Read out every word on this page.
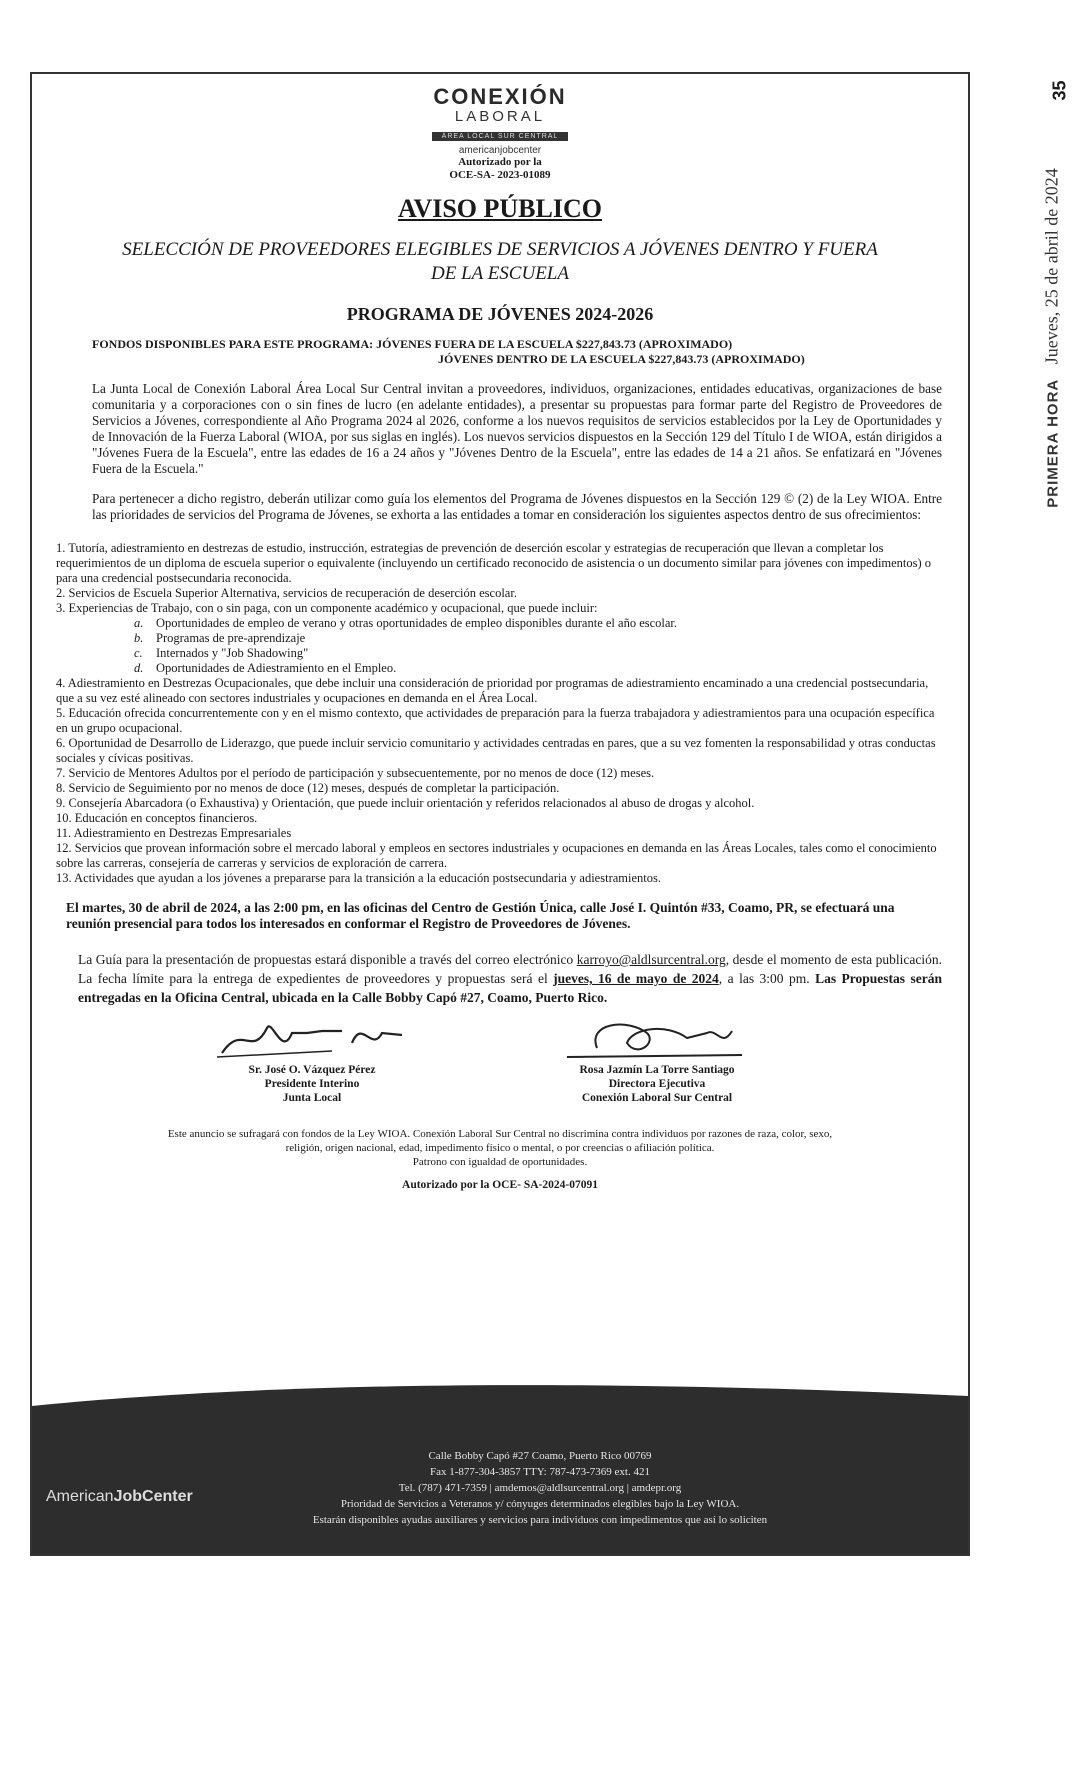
35
PRIMERA HORA Jueves, 25 de abril de 2024
CONEXIÓN
LABORAL
ÁREA LOCAL SUR CENTRAL
americanjobcenter
Autorizado por la
OCE-SA- 2023-01089
AVISO PÚBLICO
SELECCIÓN DE PROVEEDORES ELEGIBLES DE SERVICIOS A JÓVENES DENTRO Y FUERA DE LA ESCUELA
PROGRAMA DE JÓVENES 2024-2026
FONDOS DISPONIBLES PARA ESTE PROGRAMA: JÓVENES FUERA DE LA ESCUELA $227,843.73 (APROXIMADO)
JÓVENES DENTRO DE LA ESCUELA $227,843.73 (APROXIMADO)
La Junta Local de Conexión Laboral Área Local Sur Central invitan a proveedores, individuos, organizaciones, entidades educativas, organizaciones de base comunitaria y a corporaciones con o sin fines de lucro (en adelante entidades), a presentar su propuestas para formar parte del Registro de Proveedores de Servicios a Jóvenes, correspondiente al Año Programa 2024 al 2026, conforme a los nuevos requisitos de servicios establecidos por la Ley de Oportunidades y de Innovación de la Fuerza Laboral (WIOA, por sus siglas en inglés). Los nuevos servicios dispuestos en la Sección 129 del Título I de WIOA, están dirigidos a "Jóvenes Fuera de la Escuela", entre las edades de 16 a 24 años y "Jóvenes Dentro de la Escuela", entre las edades de 14 a 21 años. Se enfatizará en "Jóvenes Fuera de la Escuela."
Para pertenecer a dicho registro, deberán utilizar como guía los elementos del Programa de Jóvenes dispuestos en la Sección 129 © (2) de la Ley WIOA. Entre las prioridades de servicios del Programa de Jóvenes, se exhorta a las entidades a tomar en consideración los siguientes aspectos dentro de sus ofrecimientos:

1. Tutoría, adiestramiento en destrezas de estudio, instrucción, estrategias de prevención de deserción escolar y estrategias de recuperación que llevan a completar los requerimientos de un diploma de escuela superior o equivalente (incluyendo un certificado reconocido de asistencia o un documento similar para jóvenes con impedimentos) o para una credencial postsecundaria reconocida.

2. Servicios de Escuela Superior Alternativa, servicios de recuperación de deserción escolar.

3. Experiencias de Trabajo, con o sin paga, con un componente académico y ocupacional, que puede incluir:

a. Oportunidades de empleo de verano y otras oportunidades de empleo disponibles durante el año escolar.

b. Programas de pre-aprendizaje

c. Internados y "Job Shadowing"

d. Oportunidades de Adiestramiento en el Empleo.

4. Adiestramiento en Destrezas Ocupacionales, que debe incluir una consideración de prioridad por programas de adiestramiento encaminado a una credencial postsecundaria, que a su vez esté alineado con sectores industriales y ocupaciones en demanda en el Área Local.

5. Educación ofrecida concurrentemente con y en el mismo contexto, que actividades de preparación para la fuerza trabajadora y adiestramientos para una ocupación específica en un grupo ocupacional.

6. Oportunidad de Desarrollo de Liderazgo, que puede incluir servicio comunitario y actividades centradas en pares, que a su vez fomenten la responsabilidad y otras conductas sociales y cívicas positivas.

7. Servicio de Mentores Adultos por el período de participación y subsecuentemente, por no menos de doce (12) meses.

8. Servicio de Seguimiento por no menos de doce (12) meses, después de completar la participación.

9. Consejería Abarcadora (o Exhaustiva) y Orientación, que puede incluir orientación y referidos relacionados al abuso de drogas y alcohol.

10. Educación en conceptos financieros.

11. Adiestramiento en Destrezas Empresariales

12. Servicios que provean información sobre el mercado laboral y empleos en sectores industriales y ocupaciones en demanda en las Áreas Locales, tales como el conocimiento sobre las carreras, consejería de carreras y servicios de exploración de carrera.

13. Actividades que ayudan a los jóvenes a prepararse para la transición a la educación postsecundaria y adiestramientos.

El martes, 30 de abril de 2024, a las 2:00 pm, en las oficinas del Centro de Gestión Única, calle José I. Quintón #33, Coamo, PR, se efectuará una reunión presencial para todos los interesados en conformar el Registro de Proveedores de Jóvenes.
La Guía para la presentación de propuestas estará disponible a través del correo electrónico karroyo@aldlsurcentral.org, desde el momento de esta publicación. La fecha límite para la entrega de expedientes de proveedores y propuestas será el jueves, 16 de mayo de 2024, a las 3:00 pm. Las Propuestas serán entregadas en la Oficina Central, ubicada en la Calle Bobby Capó #27, Coamo, Puerto Rico.
Sr. José O. Vázquez Pérez
Presidente Interino
Junta Local
Rosa Jazmín La Torre Santiago
Directora Ejecutiva
Conexión Laboral Sur Central
Este anuncio se sufragará con fondos de la Ley WIOA. Conexión Laboral Sur Central no discrimina contra individuos por razones de raza, color, sexo,
religión, origen nacional, edad, impedimento físico o mental, o por creencias o afiliación política.
Patrono con igualdad de oportunidades.
Autorizado por la OCE- SA-2024-07091
AmericanJobCenter
Calle Bobby Capó #27 Coamo, Puerto Rico 00769
Fax 1-877-304-3857 TTY: 787-473-7369 ext. 421
Tel. (787) 471-7359 | amdemos@aldlsurcentral.org | amdepr.org
Prioridad de Servicios a Veteranos y/ cónyuges determinados elegibles bajo la Ley WIOA.
Estarán disponibles ayudas auxiliares y servicios para individuos con impedimentos que así lo soliciten
